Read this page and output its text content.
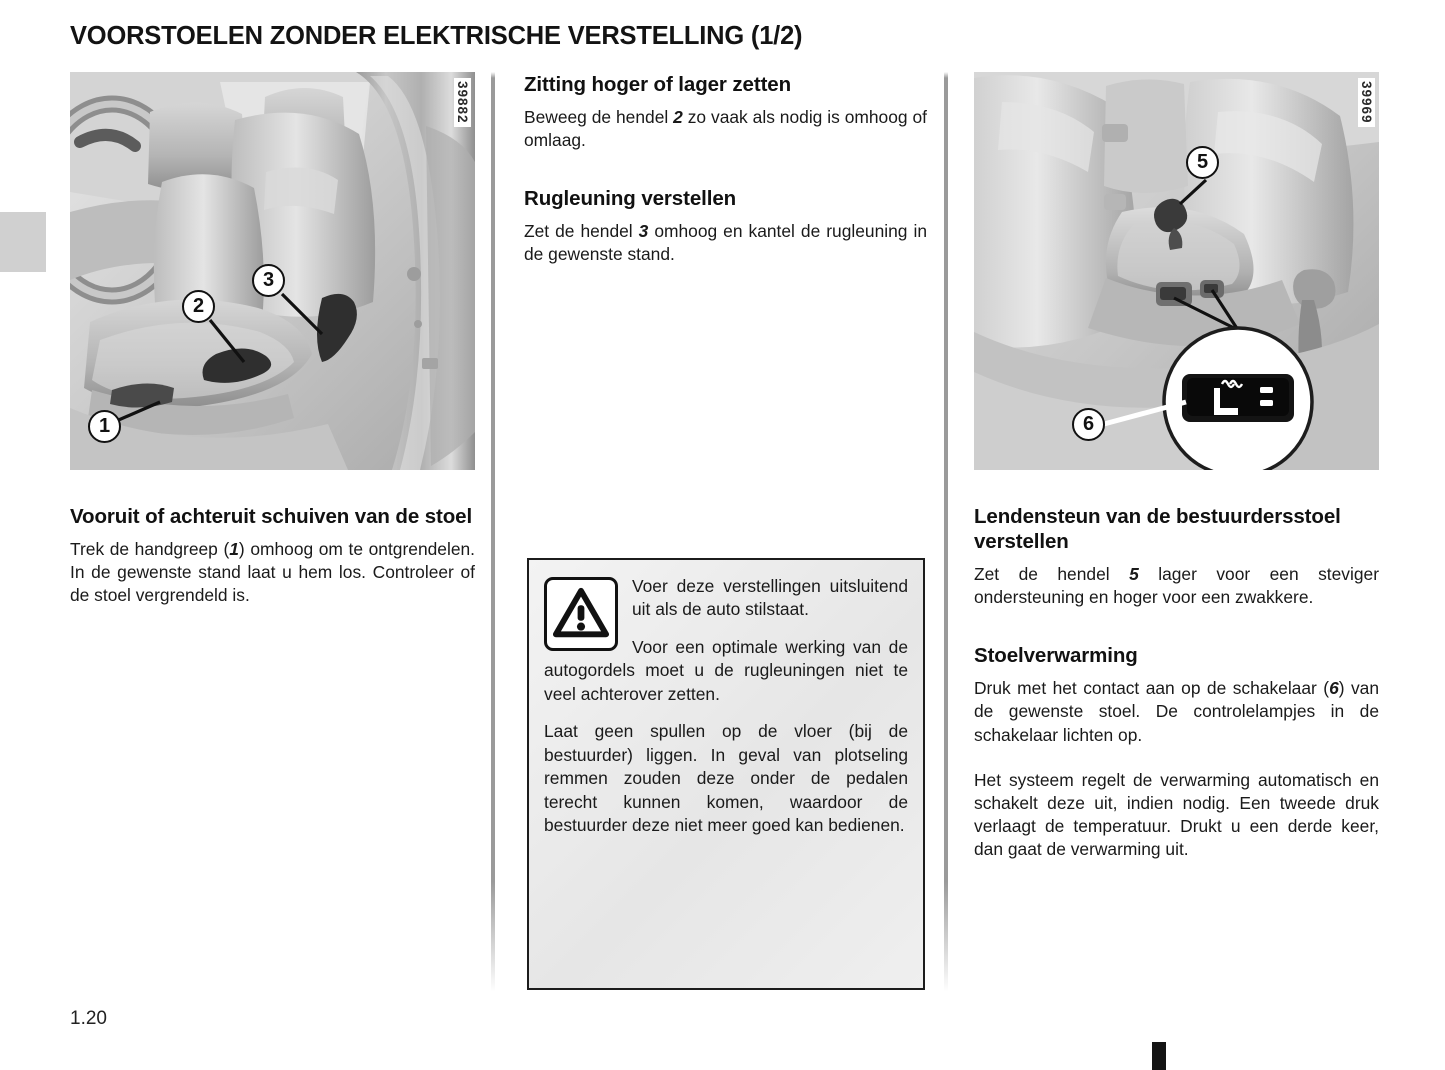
VOORSTOELEN ZONDER ELEKTRISCHE VERSTELLING (1/2)
39882
1
2
3
Vooruit of achteruit schuiven van de stoel

Trek de handgreep (1) omhoog om te ontgrendelen. In de gewenste stand laat u hem los. Controleer of de stoel vergrendeld is.

Zitting hoger of lager zetten

Beweeg de hendel 2 zo vaak als nodig is omhoog of omlaag.

Rugleuning verstellen

Zet de hendel 3 omhoog en kantel de rugleuning in de gewenste stand.

Voer deze verstellingen uitsluitend uit als de auto stilstaat.

Voor een optimale werking van de autogordels moet u de rugleuningen niet te veel achterover zetten.

Laat geen spullen op de vloer (bij de bestuurder) liggen. In geval van plotseling remmen zouden deze onder de pedalen terecht kunnen komen, waardoor de bestuurder deze niet meer goed kan bedienen.

39969
5
6
Lendensteun van de bestuurdersstoel verstellen

Zet de hendel 5 lager voor een steviger ondersteuning en hoger voor een zwakkere.

Stoelverwarming

Druk met het contact aan op de schakelaar (6) van de gewenste stoel. De controlelampjes in de schakelaar lichten op.

Het systeem regelt de verwarming automatisch en schakelt deze uit, indien nodig. Een tweede druk verlaagt de temperatuur. Drukt u een derde keer, dan gaat de verwarming uit.

1.20
